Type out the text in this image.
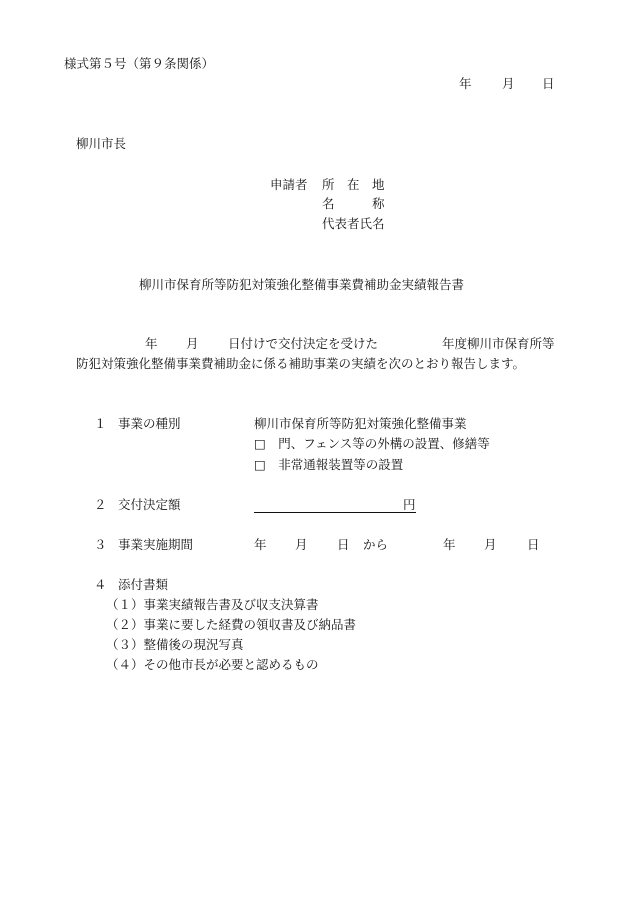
様式第５号（第９条関係）
年 月 日
柳川市長
申請者 所　在　地
名　　　称
代表者氏名
柳川市保育所等防犯対策強化整備事業費補助金実績報告書
年 月 日付けで交付決定を受けた	年度柳川市保育所等
防犯対策強化整備事業費補助金に係る補助事業の実績を次のとおり報告します。
１ 事業の種別	柳川市保育所等防犯対策強化整備事業
□　門、フェンス等の外構の設置、修繕等
□　非常通報装置等の設置
２ 交付決定額	円
３ 事業実施期間	年 月 日 から	年 月 日
４ 添付書類
（１）事業実績報告書及び収支決算書
（２）事業に要した経費の領収書及び納品書
（３）整備後の現況写真
（４）その他市長が必要と認めるもの
